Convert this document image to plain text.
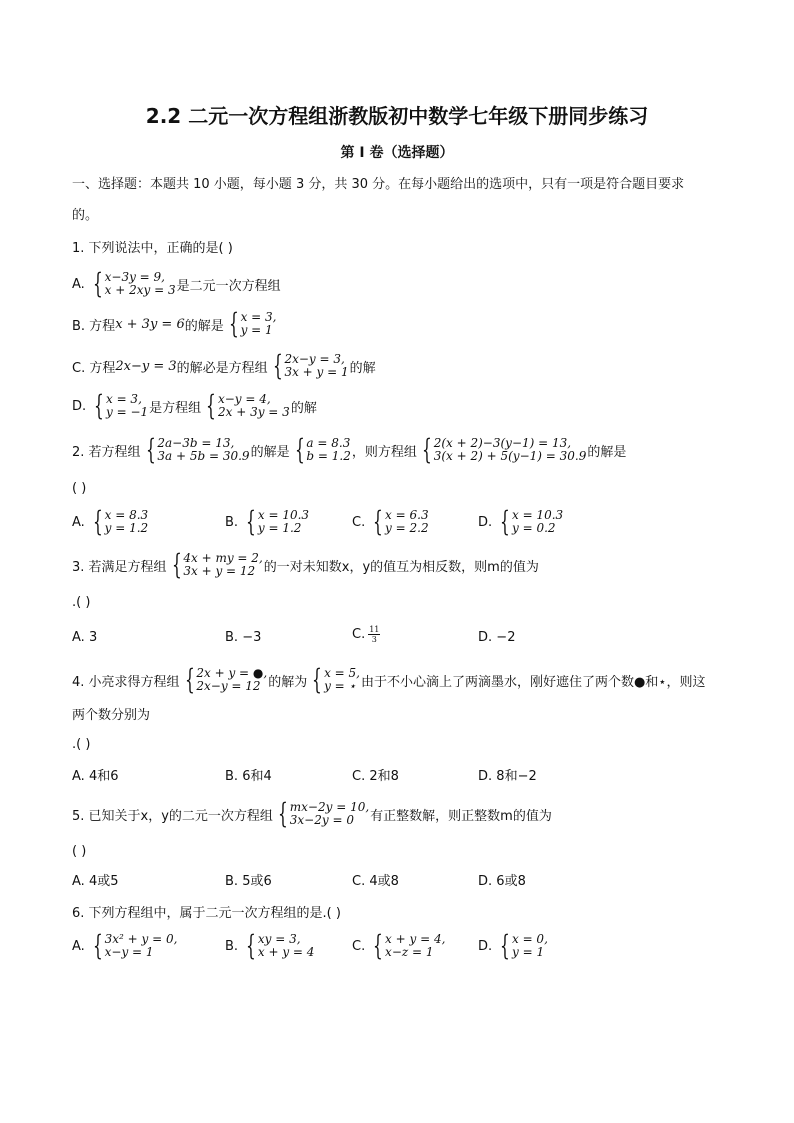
2.2 二元一次方程组浙教版初中数学七年级下册同步练习
第 I 卷（选择题）
一、选择题：本题共 10 小题，每小题 3 分，共 30 分。在每小题给出的选项中，只有一项是符合题目要求
的。
1. 下列说法中，正确的是( )
A. { x−3y = 9,
x + 2xy = 3 是二元一次方程组
B. 方程 x + 3y = 6 的解是 { x = 3,
y = 1
C. 方程 2x−y = 3 的解必是方程组 { 2x−y = 3,
3x + y = 1 的解
D. { x = 3,
y = −1 是方程组 { x−y = 4,
2x + 3y = 3 的解
2. 若方程组 { 2a−3b = 13,
3a + 5b = 30.9 的解是 { a = 8.3
b = 1.2 ，则方程组 { 2(x + 2)−3(y−1) = 13,
3(x + 2) + 5(y−1) = 30.9 的解是
( )
A. { x = 8.3
y = 1.2	B. { x = 10.3
y = 1.2	C. { x = 6.3
y = 2.2	D. { x = 10.3
y = 0.2
3. 若满足方程组 { 4x + my = 2,
3x + y = 12 的一对未知数x，y的值互为相反数，则m的值为
.( )
A. 3	B. −3	C. $\frac{11}{3}$	D. −2
4. 小亮求得方程组 { 2x + y = ●,
2x−y = 12 的解为 { x = 5,
y = ⋆ 由于不小心滴上了两滴墨水，刚好遮住了两个数●和⋆，则这
两个数分别为
.( )
A. 4和6	B. 6和4	C. 2和8	D. 8和−2
5. 已知关于x，y的二元一次方程组 { mx−2y = 10,
3x−2y = 0	有正整数解，则正整数m的值为
( )
A. 4或5	B. 5或6	C. 4或8	D. 6或8
6. 下列方程组中，属于二元一次方程组的是.( )
A. { 3x² + y = 0,
x−y = 1	B. { xy = 3,
x + y = 4	C. { x + y = 4,
x−z = 1	D. { x = 0,
y = 1
